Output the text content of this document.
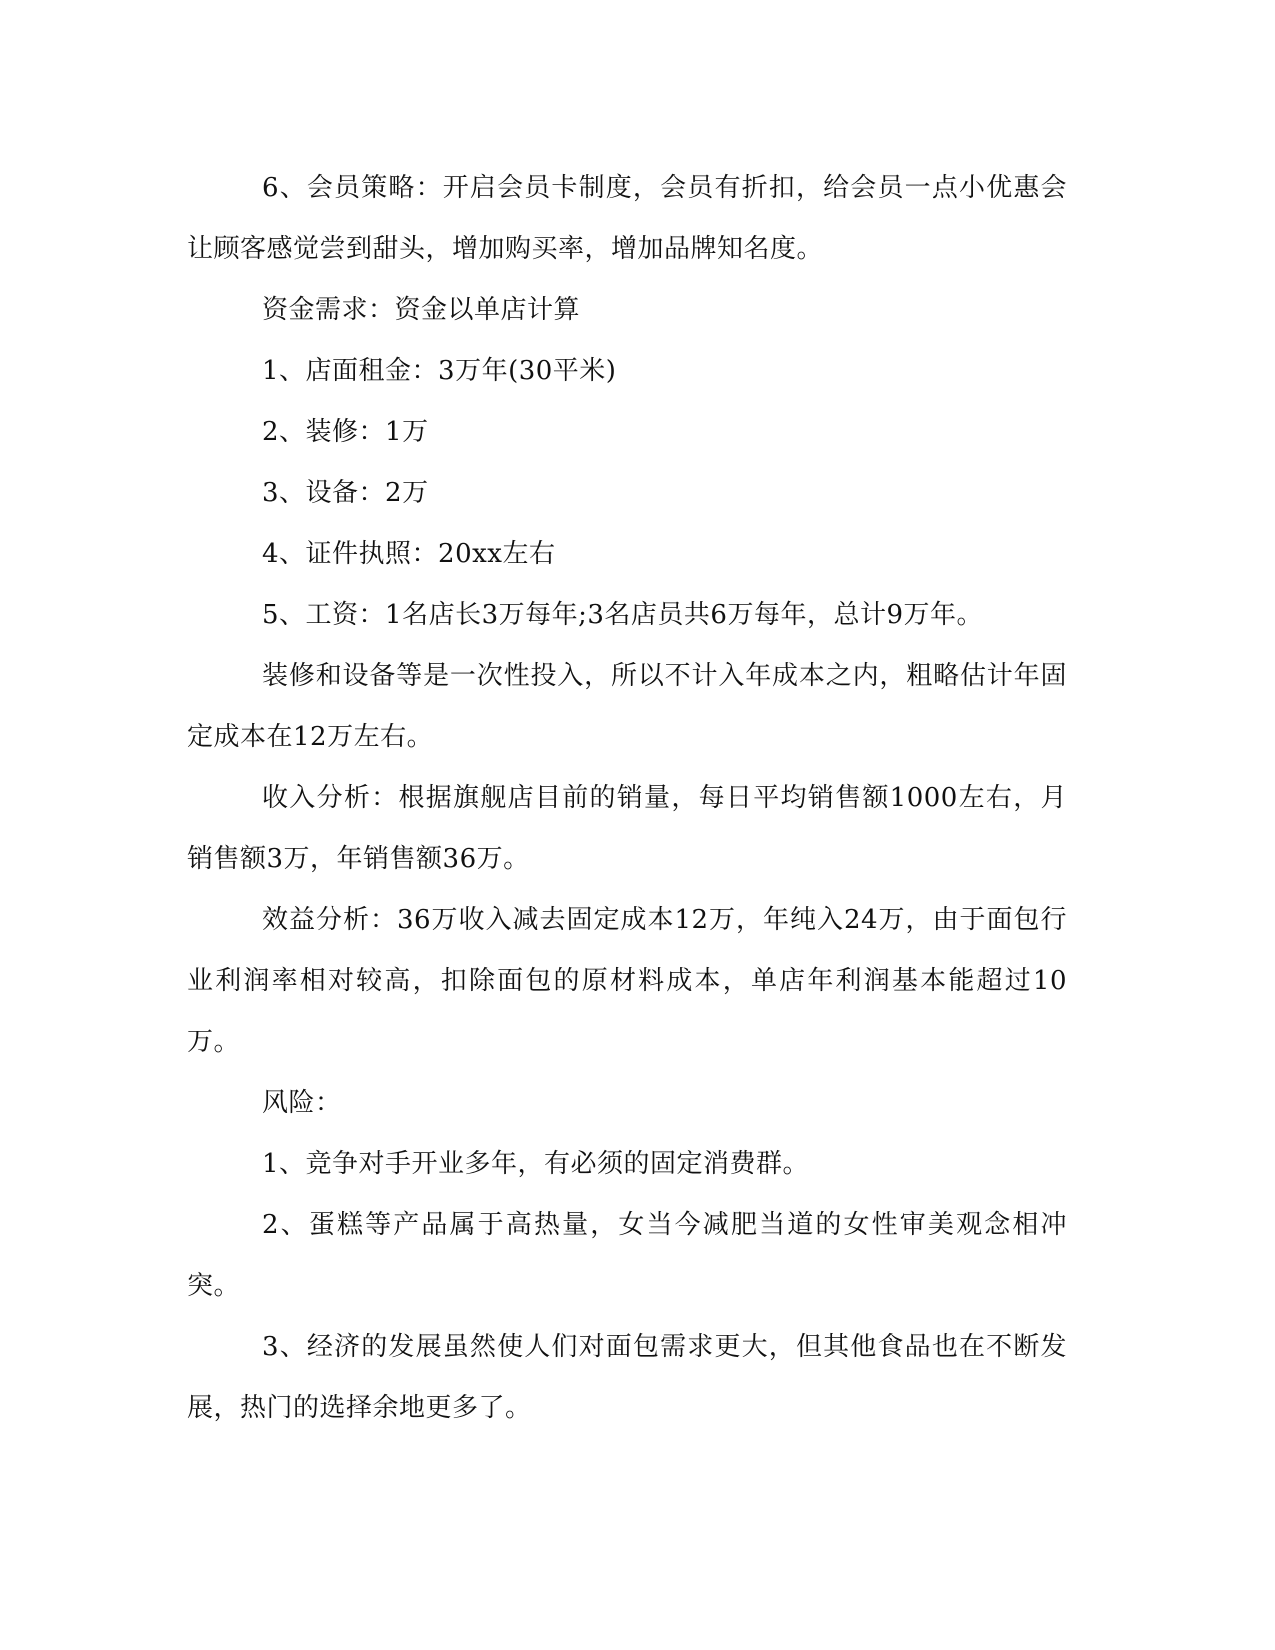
6、会员策略：开启会员卡制度，会员有折扣，给会员一点小优惠会让顾客感觉尝到甜头，增加购买率，增加品牌知名度。

资金需求：资金以单店计算

1、店面租金：3万年(30平米)

2、装修：1万

3、设备：2万

4、证件执照：20xx左右

5、工资：1名店长3万每年;3名店员共6万每年，总计9万年。

装修和设备等是一次性投入，所以不计入年成本之内，粗略估计年固定成本在12万左右。

收入分析：根据旗舰店目前的销量，每日平均销售额1000左右，月销售额3万，年销售额36万。

效益分析：36万收入减去固定成本12万，年纯入24万，由于面包行业利润率相对较高，扣除面包的原材料成本，单店年利润基本能超过10万。

风险：

1、竞争对手开业多年，有必须的固定消费群。

2、蛋糕等产品属于高热量，女当今减肥当道的女性审美观念相冲突。

3、经济的发展虽然使人们对面包需求更大，但其他食品也在不断发展，热门的选择余地更多了。
